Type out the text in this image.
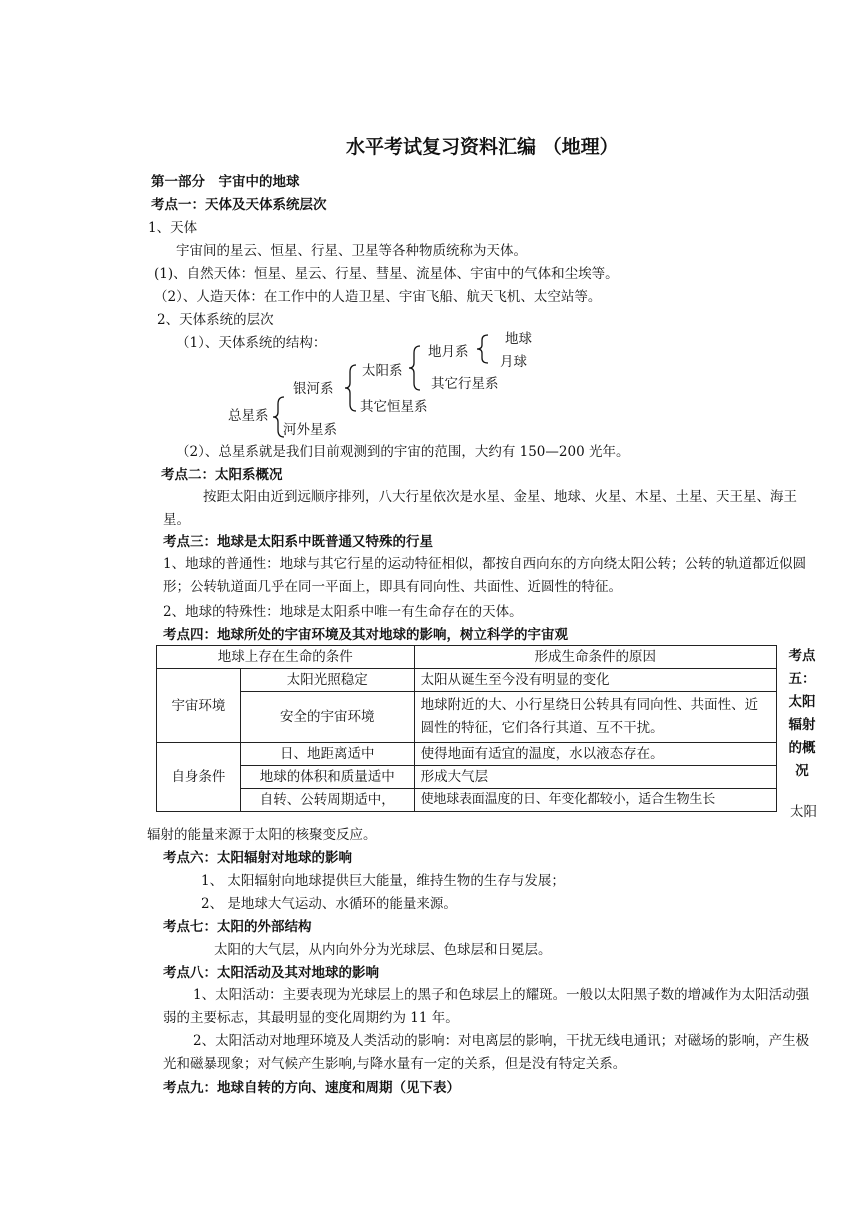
水平考试复习资料汇编 （地理）
第一部分　宇宙中的地球
考点一：天体及天体系统层次
1、天体
宇宙间的星云、恒星、行星、卫星等各种物质统称为天体。
(1)、自然天体：恒星、星云、行星、彗星、流星体、宇宙中的气体和尘埃等。
（2）、人造天体：在工作中的人造卫星、宇宙飞船、航天飞机、太空站等。
2、天体系统的层次
（1）、天体系统的结构：
总星系
银河系
河外星系
太阳系
其它恒星系
地月系
其它行星系
地球
月球
（2）、总星系就是我们目前观测到的宇宙的范围，大约有 150—200 光年。
考点二：太阳系概况
按距太阳由近到远顺序排列，八大行星依次是水星、金星、地球、火星、木星、土星、天王星、海王星。
考点三：地球是太阳系中既普通又特殊的行星
1、地球的普通性：地球与其它行星的运动特征相似，都按自西向东的方向绕太阳公转；公转的轨道都近似圆形；公转轨道面几乎在同一平面上，即具有同向性、共面性、近圆性的特征。
2、地球的特殊性：地球是太阳系中唯一有生命存在的天体。
考点四：地球所处的宇宙环境及其对地球的影响，树立科学的宇宙观
地球上存在生命的条件		形成生命条件的原因
宇宙环境	太阳光照稳定	太阳从诞生至今没有明显的变化
	安全的宇宙环境	地球附近的大、小行星绕日公转具有同向性、共面性、近圆性的特征，它们各行其道、互不干扰。
自身条件	日、地距离适中	使得地面有适宜的温度，水以液态存在。
	地球的体积和质量适中	形成大气层
	自转、公转周期适中，	使地球表面温度的日、年变化都较小，适合生物生长
考点
五：
太阳
辐射
的概
况
太阳
辐射的能量来源于太阳的核聚变反应。
考点六：太阳辐射对地球的影响
1、 太阳辐射向地球提供巨大能量，维持生物的生存与发展；
2、 是地球大气运动、水循环的能量来源。
考点七：太阳的外部结构
太阳的大气层，从内向外分为光球层、色球层和日冕层。
考点八：太阳活动及其对地球的影响
1、太阳活动：主要表现为光球层上的黑子和色球层上的耀斑。一般以太阳黑子数的增减作为太阳活动强弱的主要标志，其最明显的变化周期约为 11 年。
2、太阳活动对地理环境及人类活动的影响：对电离层的影响，干扰无线电通讯；对磁场的影响，产生极光和磁暴现象；对气候产生影响,与降水量有一定的关系，但是没有特定关系。
考点九：地球自转的方向、速度和周期（见下表）
